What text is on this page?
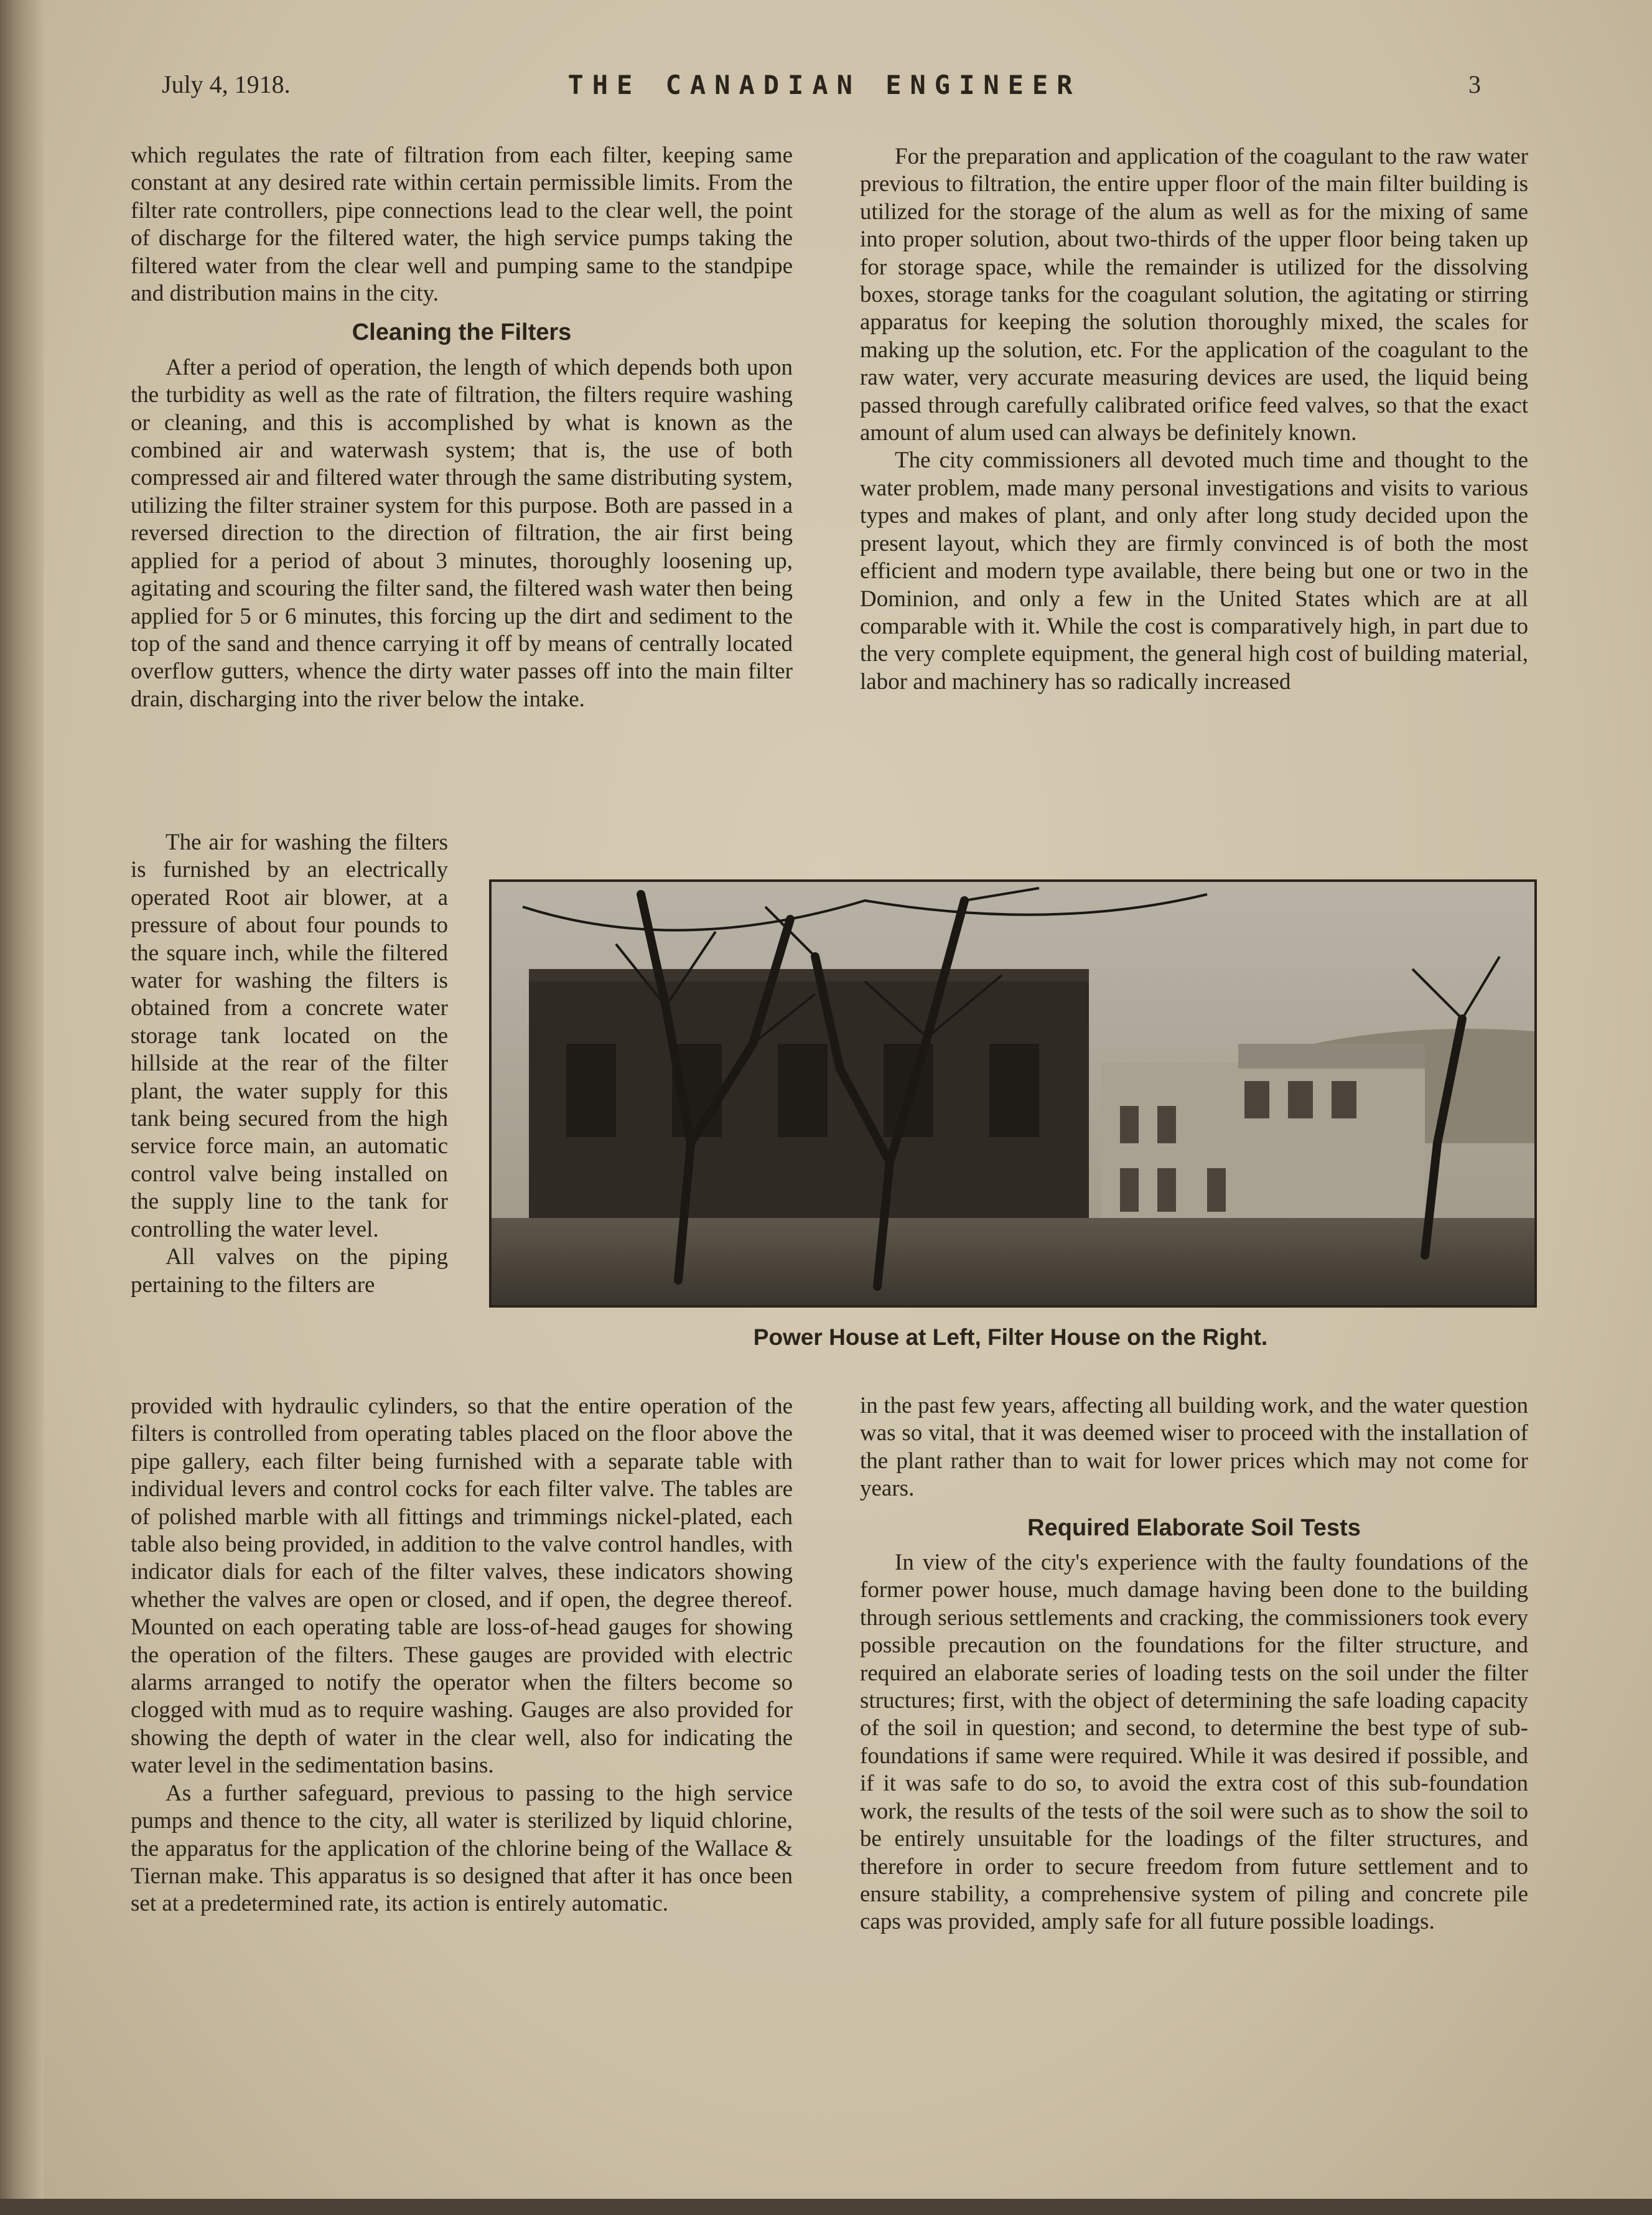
July 4, 1918.	THE CANADIAN ENGINEER	3

which regulates the rate of filtration from each filter, keeping same constant at any desired rate within certain permissible limits. From the filter rate controllers, pipe connections lead to the clear well, the point of discharge for the filtered water, the high service pumps taking the filtered water from the clear well and pumping same to the standpipe and distribution mains in the city.

Cleaning the Filters

After a period of operation, the length of which depends both upon the turbidity as well as the rate of filtration, the filters require washing or cleaning, and this is accomplished by what is known as the combined air and waterwash system; that is, the use of both compressed air and filtered water through the same distributing system, utilizing the filter strainer system for this purpose. Both are passed in a reversed direction to the direction of filtration, the air first being applied for a period of about 3 minutes, thoroughly loosening up, agitating and scouring the filter sand, the filtered wash water then being applied for 5 or 6 minutes, this forcing up the dirt and sediment to the top of the sand and thence carrying it off by means of centrally located overflow gutters, whence the dirty water passes off into the main filter drain, discharging into the river below the intake.

The air for washing the filters is furnished by an electrically operated Root air blower, at a pressure of about four pounds to the square inch, while the filtered water for washing the filters is obtained from a concrete water storage tank located on the hillside at the rear of the filter plant, the water supply for this tank being secured from the high service force main, an automatic control valve being installed on the supply line to the tank for controlling the water level.

All valves on the piping pertaining to the filters are

provided with hydraulic cylinders, so that the entire operation of the filters is controlled from operating tables placed on the floor above the pipe gallery, each filter being furnished with a separate table with individual levers and control cocks for each filter valve. The tables are of polished marble with all fittings and trimmings nickel-plated, each table also being provided, in addition to the valve control handles, with indicator dials for each of the filter valves, these indicators showing whether the valves are open or closed, and if open, the degree thereof. Mounted on each operating table are loss-of-head gauges for showing the operation of the filters. These gauges are provided with electric alarms arranged to notify the operator when the filters become so clogged with mud as to require washing. Gauges are also provided for showing the depth of water in the clear well, also for indicating the water level in the sedimentation basins.

As a further safeguard, previous to passing to the high service pumps and thence to the city, all water is sterilized by liquid chlorine, the apparatus for the application of the chlorine being of the Wallace & Tiernan make. This apparatus is so designed that after it has once been set at a predetermined rate, its action is entirely automatic.

For the preparation and application of the coagulant to the raw water previous to filtration, the entire upper floor of the main filter building is utilized for the storage of the alum as well as for the mixing of same into proper solution, about two-thirds of the upper floor being taken up for storage space, while the remainder is utilized for the dissolving boxes, storage tanks for the coagulant solution, the agitating or stirring apparatus for keeping the solution thoroughly mixed, the scales for making up the solution, etc. For the application of the coagulant to the raw water, very accurate measuring devices are used, the liquid being passed through carefully calibrated orifice feed valves, so that the exact amount of alum used can always be definitely known.

The city commissioners all devoted much time and thought to the water problem, made many personal investigations and visits to various types and makes of plant, and only after long study decided upon the present layout, which they are firmly convinced is of both the most efficient and modern type available, there being but one or two in the Dominion, and only a few in the United States which are at all comparable with it. While the cost is comparatively high, in part due to the very complete equipment, the general high cost of building material, labor and machinery has so radically increased

Power House at Left, Filter House on the Right.

in the past few years, affecting all building work, and the water question was so vital, that it was deemed wiser to proceed with the installation of the plant rather than to wait for lower prices which may not come for years.

Required Elaborate Soil Tests

In view of the city's experience with the faulty foundations of the former power house, much damage having been done to the building through serious settlements and cracking, the commissioners took every possible precaution on the foundations for the filter structure, and required an elaborate series of loading tests on the soil under the filter structures; first, with the object of determining the safe loading capacity of the soil in question; and second, to determine the best type of sub-foundations if same were required. While it was desired if possible, and if it was safe to do so, to avoid the extra cost of this sub-foundation work, the results of the tests of the soil were such as to show the soil to be entirely unsuitable for the loadings of the filter structures, and therefore in order to secure freedom from future settlement and to ensure stability, a comprehensive system of piling and concrete pile caps was provided, amply safe for all future possible loadings.
